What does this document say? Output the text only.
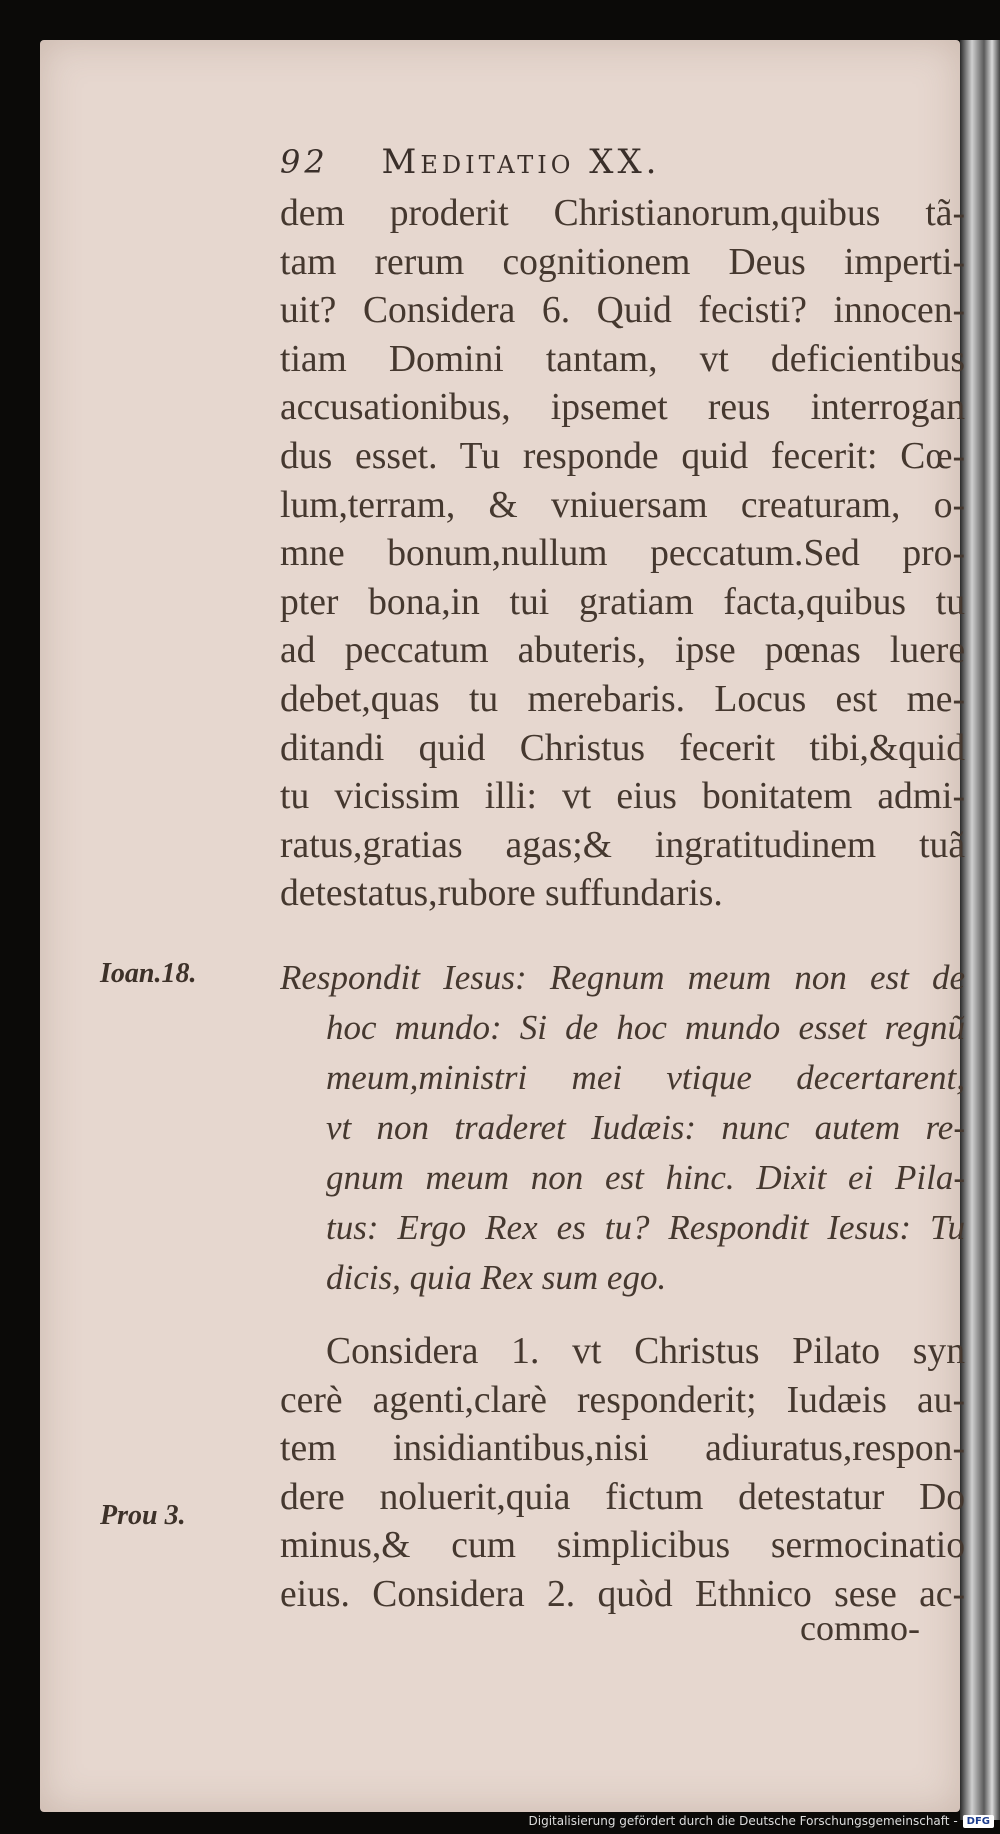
92 Meditatio XX.
dem proderit Christianorum,quibus tã-
tam rerum cognitionem Deus imperti-
uit? Considera 6. Quid fecisti? innocen-
tiam Domini tantam, vt deficientibus
accusationibus, ipsemet reus interrogan
dus esset. Tu responde quid fecerit: Cœ-
lum,terram, & vniuersam creaturam, o-
mne bonum,nullum peccatum.Sed pro-
pter bona,in tui gratiam facta,quibus tu
ad peccatum abuteris, ipse pœnas luere
debet,quas tu merebaris. Locus est me-
ditandi quid Christus fecerit tibi,&quid
tu vicissim illi: vt eius bonitatem admi-
ratus,gratias agas;& ingratitudinem tuã
detestatus,rubore suffundaris.
Ioan.18. Respondit Iesus: Regnum meum non est de
hoc mundo: Si de hoc mundo esset regnũ
meum,ministri mei vtique decertarent,
vt non traderet Iudæis: nunc autem re-
gnum meum non est hinc. Dixit ei Pila-
tus: Ergo Rex es tu? Respondit Iesus: Tu
dicis, quia Rex sum ego.
Considera 1. vt Christus Pilato syn
cerè agenti,clarè responderit; Iudæis au-
tem insidiantibus,nisi adiuratus,respon-
dere noluerit,quia fictum detestatur Do
minus,& cum simplicibus sermocinatio
eius. Considera 2. quòd Ethnico sese ac-
Prou 3.
commo-
Digitalisierung gefördert durch die Deutsche Forschungsgemeinschaft - DFG
